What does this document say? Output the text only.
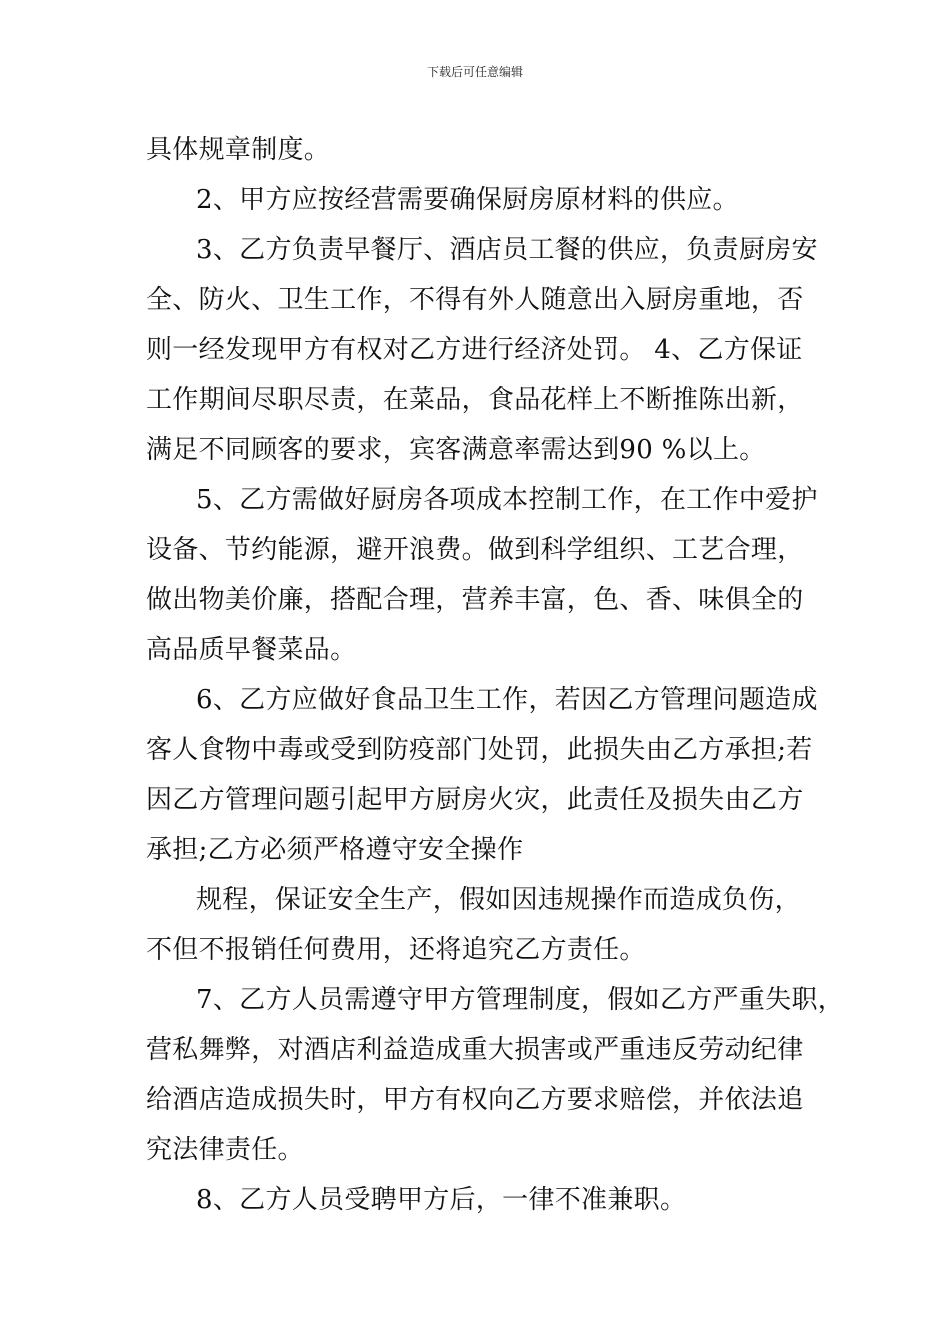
下载后可任意编辑
具体规章制度。
2、甲方应按经营需要确保厨房原材料的供应。
3、乙方负责早餐厅、酒店员工餐的供应，负责厨房安
全、防火、卫生工作，不得有外人随意出入厨房重地，否
则一经发现甲方有权对乙方进行经济处罚。 4、乙方保证
工作期间尽职尽责，在菜品，食品花样上不断推陈出新，
满足不同顾客的要求，宾客满意率需达到90 %以上。
5、乙方需做好厨房各项成本控制工作，在工作中爱护
设备、节约能源，避开浪费。做到科学组织、工艺合理，
做出物美价廉，搭配合理，营养丰富，色、香、味俱全的
高品质早餐菜品。
6、乙方应做好食品卫生工作，若因乙方管理问题造成
客人食物中毒或受到防疫部门处罚，此损失由乙方承担;若
因乙方管理问题引起甲方厨房火灾，此责任及损失由乙方
承担;乙方必须严格遵守安全操作
规程，保证安全生产，假如因违规操作而造成负伤，
不但不报销任何费用，还将追究乙方责任。
7、乙方人员需遵守甲方管理制度，假如乙方严重失职，
营私舞弊，对酒店利益造成重大损害或严重违反劳动纪律
给酒店造成损失时，甲方有权向乙方要求赔偿，并依法追
究法律责任。
8、乙方人员受聘甲方后，一律不准兼职。
